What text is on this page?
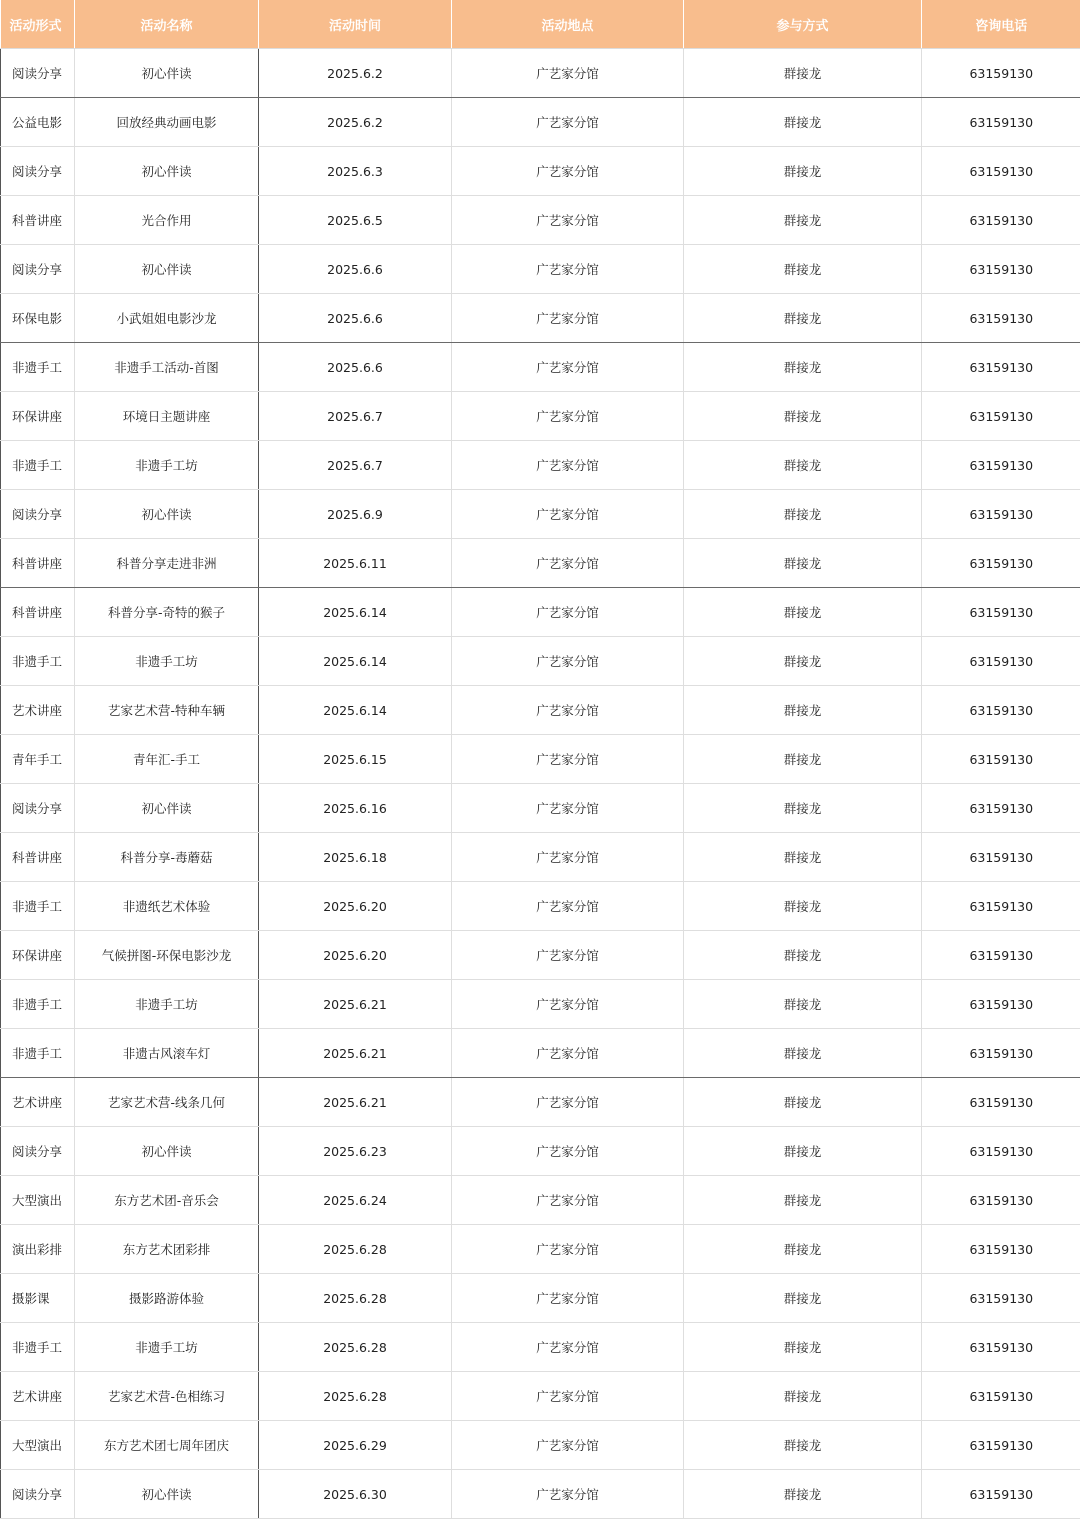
活动形式	活动名称	活动时间	活动地点	参与方式	咨询电话
阅读分享	初心伴读	2025.6.2	广艺家分馆	群接龙	63159130
公益电影	回放经典动画电影	2025.6.2	广艺家分馆	群接龙	63159130
阅读分享	初心伴读	2025.6.3	广艺家分馆	群接龙	63159130
科普讲座	光合作用	2025.6.5	广艺家分馆	群接龙	63159130
阅读分享	初心伴读	2025.6.6	广艺家分馆	群接龙	63159130
环保电影	小武姐姐电影沙龙	2025.6.6	广艺家分馆	群接龙	63159130
非遗手工	非遗手工活动-首图	2025.6.6	广艺家分馆	群接龙	63159130
环保讲座	环境日主题讲座	2025.6.7	广艺家分馆	群接龙	63159130
非遗手工	非遗手工坊	2025.6.7	广艺家分馆	群接龙	63159130
阅读分享	初心伴读	2025.6.9	广艺家分馆	群接龙	63159130
科普讲座	科普分享走进非洲	2025.6.11	广艺家分馆	群接龙	63159130
科普讲座	科普分享-奇特的猴子	2025.6.14	广艺家分馆	群接龙	63159130
非遗手工	非遗手工坊	2025.6.14	广艺家分馆	群接龙	63159130
艺术讲座	艺家艺术营-特种车辆	2025.6.14	广艺家分馆	群接龙	63159130
青年手工	青年汇-手工	2025.6.15	广艺家分馆	群接龙	63159130
阅读分享	初心伴读	2025.6.16	广艺家分馆	群接龙	63159130
科普讲座	科普分享-毒蘑菇	2025.6.18	广艺家分馆	群接龙	63159130
非遗手工	非遗纸艺术体验	2025.6.20	广艺家分馆	群接龙	63159130
环保讲座	气候拼图-环保电影沙龙	2025.6.20	广艺家分馆	群接龙	63159130
非遗手工	非遗手工坊	2025.6.21	广艺家分馆	群接龙	63159130
非遗手工	非遗古风滚车灯	2025.6.21	广艺家分馆	群接龙	63159130
艺术讲座	艺家艺术营-线条几何	2025.6.21	广艺家分馆	群接龙	63159130
阅读分享	初心伴读	2025.6.23	广艺家分馆	群接龙	63159130
大型演出	东方艺术团-音乐会	2025.6.24	广艺家分馆	群接龙	63159130
演出彩排	东方艺术团彩排	2025.6.28	广艺家分馆	群接龙	63159130
摄影课	摄影路游体验	2025.6.28	广艺家分馆	群接龙	63159130
非遗手工	非遗手工坊	2025.6.28	广艺家分馆	群接龙	63159130
艺术讲座	艺家艺术营-色相练习	2025.6.28	广艺家分馆	群接龙	63159130
大型演出	东方艺术团七周年团庆	2025.6.29	广艺家分馆	群接龙	63159130
阅读分享	初心伴读	2025.6.30	广艺家分馆	群接龙	63159130
